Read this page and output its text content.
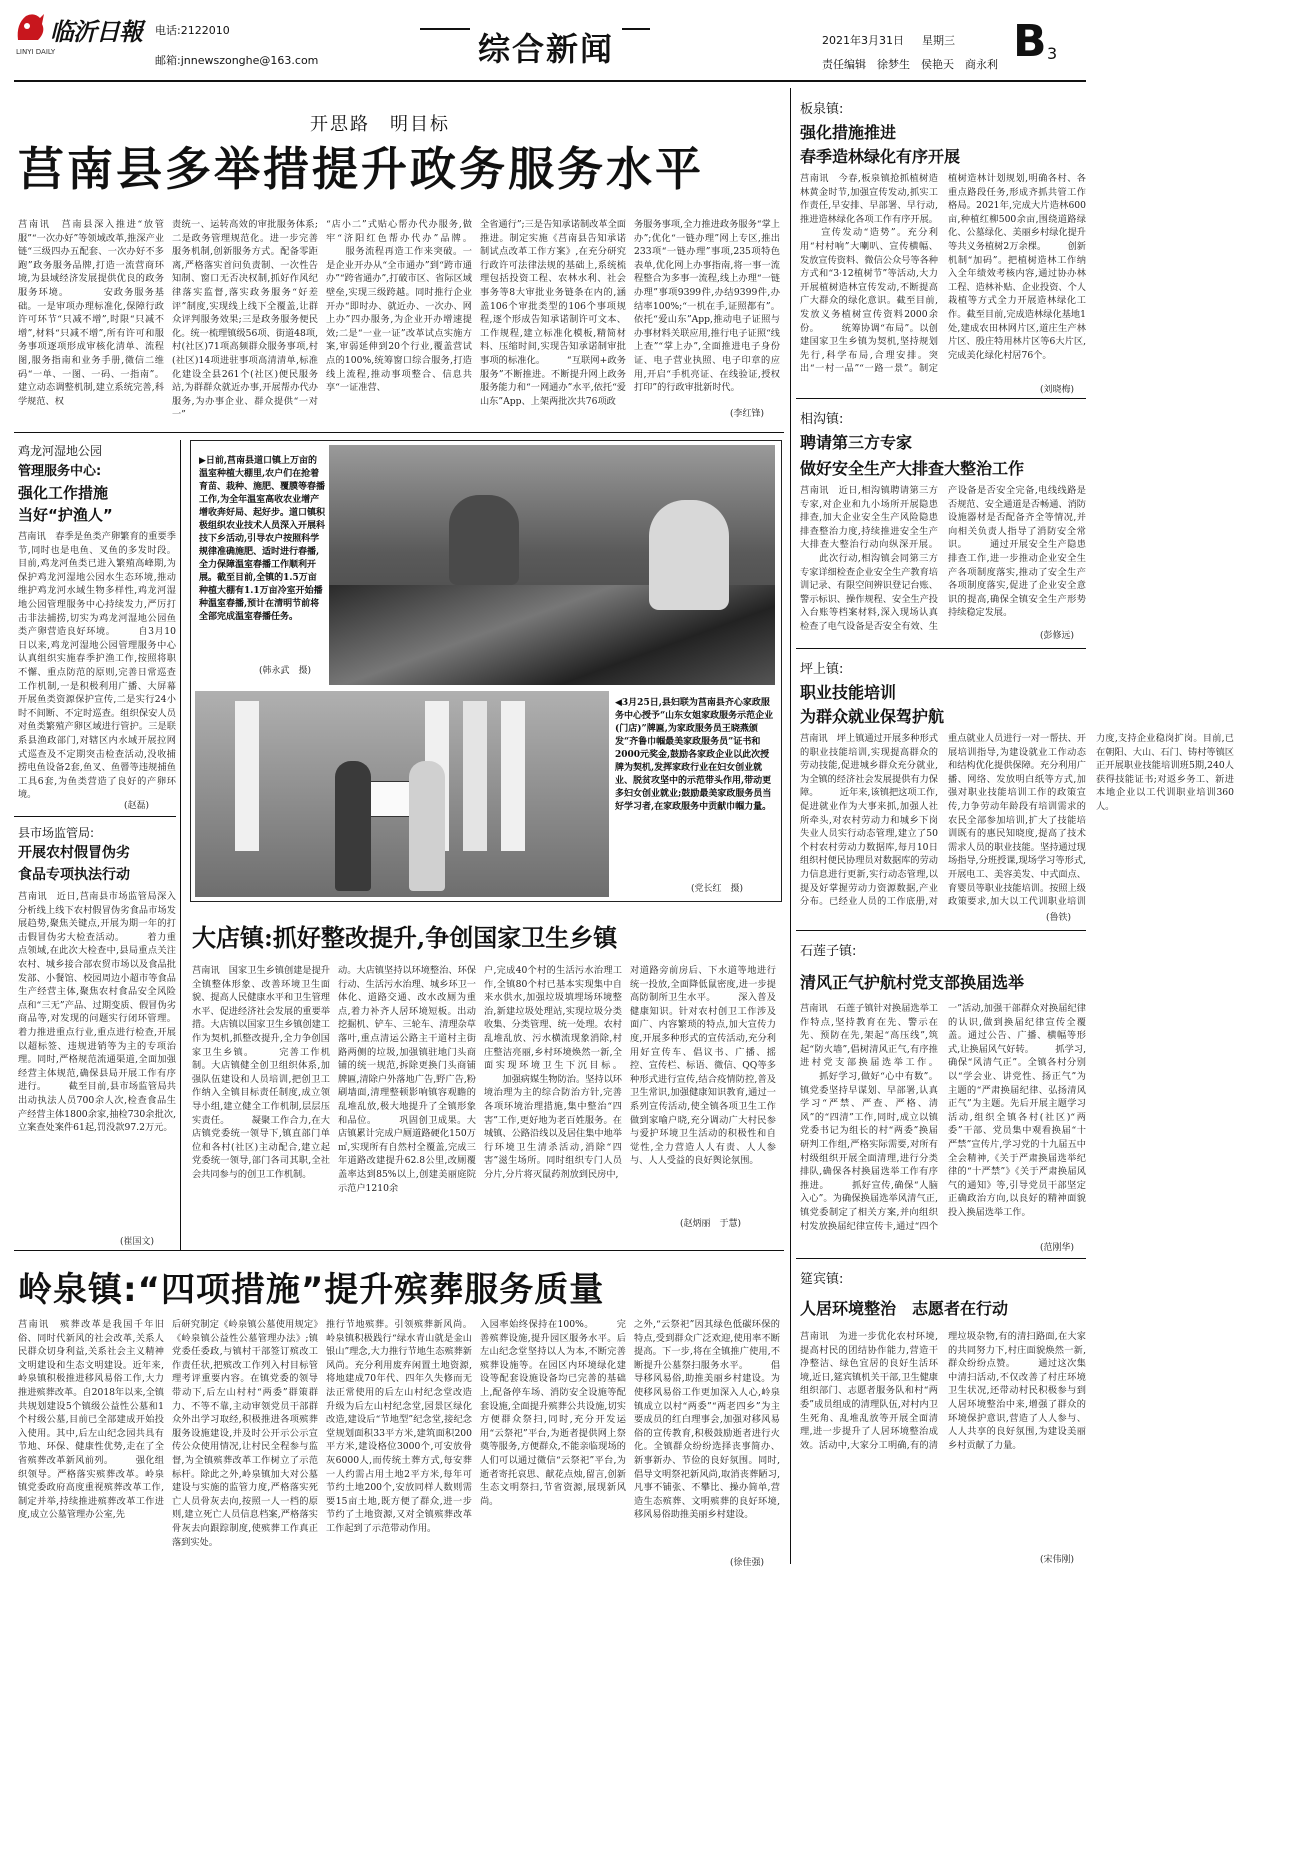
临沂日報
LINYI DAILY
电话:2122010
邮箱:jnnewszonghe@163.com	综合新闻	2021年3月31日 星期三
责任编辑　徐梦生　侯艳天　商永利 B 3
开思路　明目标
莒南县多举措提升政务服务水平
莒南讯　莒南县深入推进“放管服”“一次办好”等领域改革,推深产业链“三级四办五配套、一次办好不多跑”政务服务品牌,打造一流营商环境,为县域经济发展提供优良的政务服务环境。 　　　安政务服务基础。一是审项办理标准化,保障行政许可环节“只减不增”,时限“只减不增”,材料“只减不增”,所有许可和服务事项逐项形成审核化清单、流程图,服务指南和业务手册,微信二维码“一单、一图、一码、一指南”。建立动态调整机制,建立系统完善,科学规范、权
责统一、运转高效的审批服务体系;二是政务管理规范化。进一步完善服务机制,创新服务方式。配备零距离,严格落实首问负责制、一次性告知制、窗口无否决权制,抓好作风纪律落实监督,落实政务服务“好差评”制度,实现线上线下全覆盖,让群众评判服务效果;三是政务服务便民化。统一梳理镇级56项、街道48项,村(社区)71项高频群众服务事项,村(社区)14项进驻事项高清清单,标准化建设全县261个(社区)便民服务站,为群群众就近办事,开展帮办代办服务,为办事企业、群众提供“一对一”
“店小二”式贴心帮办代办服务,做牢“济阳红色帮办代办”品牌。 　　服务流程再造工作来突破。一是企业开办从“全市通办”到“跨市通办”“跨省通办”,打破市区、省际区域壁垒,实现三级跨越。同时推行企业开办“即时办、就近办、一次办、网上办”四办服务,为企业开办增速提效;二是“一业一证”改革试点实施方案,审弱延伸到20个行业,覆盖营试点的100%,统筹窗口综合服务,打造线上流程,推动事项整合、信息共享“一证准营、
全省通行”;三是告知承诺制改革全面推进。制定实施《莒南县告知承诺制试点改革工作方案》,在充分研究行政许可法律法规的基础上,系统梳理包括投资工程、农林水利、社会事务等8大审批业务链条在内的,涵盖106个审批类型的106个事项规程,逐个形成告知承诺制许可文本、工作规程,建立标准化模板,精简材料、压缩时间,实现告知承诺制审批事项的标准化。 　　“互联网+政务服务”不断推进。不断提升网上政务服务能力和“一网通办”水平,依托“爱山东”App、上架两批次共76项政
务服务事项,全力推进政务服务“掌上办”;优化“一链办理”网上专区,推出233项“一链办理”事项,235项特色表单,优化网上办事指南,将一事一流程整合为多事一流程,线上办理“一链办理”事项9399件,办结9399件,办结率100%;“一机在手,证照都有”。依托“爱山东”App,推动电子证照与办事材料关联应用,推行电子证照“线上查”“掌上办”,全面推进电子身份证、电子营业执照、电子印章的应用,开启“手机亮证、在线验证,授权打印”的行政审批新时代。
(李红锋)
鸡龙河湿地公园
管理服务中心:
强化工作措施
当好“护渔人”
莒南讯　春季是鱼类产卵繁育的重要季节,同时也是电鱼、叉鱼的多发时段。目前,鸡龙河鱼类已进入繁殖高峰期,为保护鸡龙河湿地公园水生态环境,推动维护鸡龙河水域生物多样性,鸡龙河湿地公园管理服务中心持续发力,严厉打击非法捕捞,切实为鸡龙河湿地公园鱼类产卵营造良好环境。 　　自3月10日以来,鸡龙河湿地公园管理服务中心认真组织实施春季护渔工作,按照将职不懈、重点防范的原则,完善日常巡查工作机制,一是积极利用广播、大屏幕开展鱼类资源保护宣传,二是实行24小时不间断、不定时巡查。组织保安人员对鱼类繁殖产卵区域进行管护。三是联系县渔政部门,对辖区内水域开展拉网式巡查及不定期突击检查活动,没收捕捞电鱼设备2套,鱼叉、鱼罾等违规捕鱼工具6套,为鱼类营造了良好的产卵环境。
(赵磊)
县市场监管局:
开展农村假冒伪劣
食品专项执法行动
莒南讯　近日,莒南县市场监管局深入分析线上线下农村假冒伪劣食品市场发展趋势,聚焦关键点,开展为期一年的打击假冒伪劣大检查活动。 　　着力重点领域,在此次大检查中,县局重点关注农村、城乡接合部农贸市场以及食品批发部、小餐馆、校园周边小超市等食品生产经营主体,聚焦农村食品安全风险点和“三无”产品、过期变质、假冒伪劣商品等,对发现的问题实行闭环管理。着力推进重点行业,重点进行检查,开展以超标签、违规进销等为主的专项治理。同时,严格规范流通渠道,全面加强经营主体规范,确保县局开展工作有序进行。 　　截至目前,县市场监管局共出动执法人员700余人次,检查食品生产经营主体1800余家,抽检730余批次,立案查处案件61起,罚没款97.2万元。
(崔国文)
▶日前,莒南县道口镇上万亩的温室种植大棚里,农户们在抢着育苗、栽种、施肥、覆膜等春播工作,为全年温室高收农业增产增收奔好局、起好步。道口镇积极组织农业技术人员深入开展科技下乡活动,引导农户按照科学规律准确施肥、适时进行春播,全力保障温室春播工作顺利开展。截至目前,全镇的1.5万亩种植大棚有1.1万亩冷室开始播种温室春播,预计在清明节前将全部完成温室春播任务。
(韩永武　摄)
◀3月25日,县妇联为莒南县齐心家政服务中心授予“山东女姐家政服务示范企业(门店)”牌匾,为家政服务员王晓燕颁发“齐鲁巾帼最美家政服务员”证书和2000元奖金,鼓励各家政企业以此次授牌为契机,发挥家政行业在妇女创业就业、脱贫攻坚中的示范带头作用,带动更多妇女创业就业;鼓励最美家政服务员当好学习者,在家政服务中贡献巾帼力量。
(党长红　摄)
大店镇:抓好整改提升,争创国家卫生乡镇
莒南讯　国家卫生乡镇创建是提升全镇整体形象、改善环境卫生面貌、提高人民健康水平和卫生管理水平、促进经济社会发展的重要举措。大店镇以国家卫生乡镇创建工作为契机,抓整改提升,全力争创国家卫生乡镇。 　　完善工作机制。大店镇健全创卫组织体系,加强队伍建设和人员培训,把创卫工作纳入全镇目标责任制度,成立领导小组,建立健全工作机制,层层压实责任。 　　凝聚工作合力,在大店镇党委统一领导下,镇直部门单位和各村(社区)主动配合,建立起党委统一领导,部门各司其职,全社会共同参与的创卫工作机制。
动。大店镇坚持以环境整治、环保行动、生活污水治理、城乡环卫一体化、道路交通、改水改厕为重点,着力补齐人居环境短板。出动挖掘机、铲车、三轮车、清理杂草落叶,重点清运公路主干道村主街路两侧的垃圾,加强镇驻地门头商铺的统一规范,拆除更换门头商铺牌匾,清除户外落地广告,野广告,粉刷墙面,清理整顿影响镇容观瞻的乱堆乱放,极大地提升了全镇形象和品位。 　　巩固创卫成果。大店镇累计完成户厕道路硬化150万㎡,实现所有自然村全覆盖,完成三年道路改建提升62.8公里,改厕覆盖率达到85%以上,创建美丽庭院示范户1210余
户,完成40个村的生活污水治理工作,全镇80个村已基本实现集中自来水供水,加强垃圾填埋场环境整治,新建垃圾处理站,实现垃圾分类收集、分类管理、统一处理。农村乱堆乱放、污水横流现象消除,村庄整洁亮丽,乡村环境焕然一新,全面实现环境卫生下沉目标。 　　加强病媒生物防治。坚持以环境治理为主的综合防治方针,完善各项环境治理措施,集中整治“四害”工作,更好地为老百姓服务。在城镇、公路沿线以及居住集中地举行环境卫生清杀活动,消除“四害”滋生场所。同时组织专门人员分片,分片将灭鼠药剂放到民房中,
对道路旁前房后、下水道等地进行统一投放,全面降低鼠密度,进一步提高防制所卫生水平。 　　深入普及健康知识。针对农村创卫工作涉及面广、内容繁琐的特点,加大宣传力度,开展多种形式的宣传活动,充分利用好宣传车、倡议书、广播、摇控、宣传栏、标语、微信、QQ等多种形式进行宣传,结合疫情防控,普及卫生常识,加强健康知识教育,通过一系列宣传活动,使全镇各项卫生工作做到家喻户晓,充分调动广大村民参与爱护环境卫生活动的积极性和自觉性,全力营造人人有责、人人参与、人人受益的良好舆论氛围。
(赵炳丽　于慧)
岭泉镇:“四项措施”提升殡葬服务质量
莒南讯　殡葬改革是我国千年旧俗、同时代新风的社会改革,关系人民群众切身利益,关系社会主义精神文明建设和生态文明建设。近年来,岭泉镇积极推进移风易俗工作,大力推进殡葬改革。自2018年以来,全镇共规划建设5个镇级公益性公墓和1个村级公墓,目前已全部建成开始投入使用。其中,后左山纪念园共具有节地、环保、健康性优势,走在了全省殡葬改革新风前列。 　　强化组织领导。严格落实殡葬改革。岭泉镇党委政府高度重视殡葬改革工作,制定并举,持续推进殡葬改革工作进度,成立公墓管理办公室,先
后研究制定《岭泉镇公墓使用规定》《岭泉镇公益性公墓管理办法》;镇党委任委政,与镇村干部签订殡改工作责任状,把殡改工作列入村目标管理考评重要内容。在镇党委的领导带动下,后左山村村“两委”群策群力、不等不靠,主动审领党员干部群众外出学习取经,积极推进各项殡葬服务设施建设,并及时公开示公示宣传公众使用情况,让村民全程参与监督,为全镇殡葬改革工作树立了示范标杆。除此之外,岭泉镇加大对公墓建设与实施的监管力度,严格落实死亡人员骨灰去向,按照一人一档的原则,建立死亡人员信息档案,严格落实骨灰去向跟踪制度,使殡葬工作真正落到实处。
推行节地殡葬。引领殡葬新风尚。岭泉镇积极践行“绿水青山就是金山银山”理念,大力推行节地生态殡葬新风尚。充分利用废弃闲置土地资源,将地建成70年代、四年久失修而无法正常使用的后左山村纪念堂改造升级为后左山村纪念堂,园景区绿化改造,建设后“节地型”纪念堂,接纪念堂规划面积33平方米,建筑面积200平方米,建设格位3000个,可安放骨灰6000人,而传统土葬方式,每安葬一人约需占用土地2平方米,每年可节约土地200个,安放同样人数则需要15亩土地,既方便了群众,进一步节约了土地资源,又对全镇殡葬改革工作起到了示范带动作用。
入园率始终保持在100%。 　　完善殡葬设施,提升园区服务水平。后左山纪念堂坚持以人为本,不断完善殡葬设施等。在园区内环境绿化建设等配套设施设备均已完善的基础上,配备停车场、消防安全设施等配套设施,全面提升殡葬公共设施,切实方便群众祭扫,同时,充分开发运用“云祭祀”平台,为逝者提供网上祭奠等服务,方便群众,不能亲临现场的人们可以通过微信“云祭祀”平台,为逝者寄托哀思、献花点烛,留言,创新生态文明祭扫,节省资源,展现新风尚。
之外,“云祭祀”因其绿色低碳环保的特点,受到群众广泛欢迎,使用率不断提高。下一步,将在全镇推广使用,不断提升公墓祭扫服务水平。 　　倡导移风易俗,助推美丽乡村建设。为使移风易俗工作更加深入人心,岭泉镇成立以村“两委”“两老四乡”为主要成员的红白理事会,加强对移风易俗的宣传教育,积极鼓励逝者进行火化。全镇群众纷纷选择丧事简办、新事新办、节俭的良好氛围。同时,倡导文明祭祀新风尚,取消丧葬陋习,凡事不铺张、不攀比、操办简单,营造生态殡葬、文明殡葬的良好环境,移风易俗助推美丽乡村建设。
(徐佳强)
板泉镇:
强化措施推进
春季造林绿化有序开展
莒南讯　今春,板泉镇抢抓植树造林黄金时节,加强宣传发动,抓实工作责任,早安排、早部署、早行动,推进造林绿化各项工作有序开展。 　　宣传发动“造势”。充分利用“村村响”大喇叭、宣传横幅、发放宣传资料、微信公众号等各种方式和“3·12植树节”等活动,大力开展植树造林宣传发动,不断提高广大群众的绿化意识。截至目前,发放义务植树宣传资料2000余份。 　　统筹协调“布局”。以创建国家卫生乡镇为契机,坚持规划先行,科学布局,合理安排。突出“一村一品”“一路一景”。制定植树造林计划规划,明确各村、各重点路段任务,形成齐抓共管工作格局。2021年,完成大片造林600亩,种植红柳500余亩,围绕道路绿化、公墓绿化、美丽乡村绿化提升等共义务植树2万余棵。 　　创新机制“加码”。把植树造林工作纳入全年绩效考核内容,通过协办林工程、造林补贴、企业投资、个人栽植等方式全力开展造林绿化工作。截至目前,完成造林绿化基地1处,建成农田林网片区,道庄生产林片区、殷庄特用林片区等6大片区,完成美化绿化村居76个。
(刘晓梅)
相沟镇:
聘请第三方专家
做好安全生产大排查大整治工作
莒南讯　近日,相沟镇聘请第三方专家,对企业和九小场所开展隐患排查,加大企业安全生产风险隐患排查整治力度,持续推进安全生产大排查大整治行动向纵深开展。 　　此次行动,相沟镇会同第三方专家详细检查企业安全生产教育培训记录、有限空间辨识登记台账、警示标识、操作规程、安全生产投入台账等档案材料,深入现场认真检查了电气设备是否安全有效、生产设备是否安全完备,电线线路是否规范、安全通道是否畅通、消防设施器材是否配备齐全等情况,并向相关负责人指导了消防安全常识。 　　通过开展安全生产隐患排查工作,进一步推动企业安全生产各项制度落实,推动了安全生产各项制度落实,促进了企业安全意识的提高,确保全镇安全生产形势持续稳定发展。
(彭修远)
坪上镇:
职业技能培训
为群众就业保驾护航
莒南讯　坪上镇通过开展多种形式的职业技能培训,实现提高群众的劳动技能,促进城乡群众充分就业,为全镇的经济社会发展提供有力保障。 　　近年来,该镇把这项工作,促进就业作为大事来抓,加强人社所牵头,对农村劳动力和城乡下岗失业人员实行动态管理,建立了50个村农村劳动力数据库,每月10日组织村便民协理员对数据库的劳动力信息进行更新,实行动态管理,以提及好掌握劳动力资源数据,产业分布。已经业人员的工作底册,对重点就业人员进行一对一帮扶、开展培训指导,为建设就业工作动态和结构优化提供保障。充分利用广播、网络、发放明白纸等方式,加强对职业技能培训工作的政策宣传,力争劳动年龄段有培训需求的农民全部参加培训,扩大了技能培训既有的惠民知晓度,提高了技术需求人员的职业技能。坚持通过现场指导,分班授课,现场学习等形式,开展电工、美容美发、中式面点、育婴员等职业技能培训。按照上级政策要求,加大以工代训职业培训力度,支持企业稳岗扩岗。目前,已在朝阳、大山、石门、铸村等镇区正开展职业技能培训班5期,240人获得技能证书;对返乡务工、新进本地企业以工代训职业培训360人。
(鲁铁)
石莲子镇:
清风正气护航村党支部换届选举
莒南讯　石莲子镇针对换届选举工作特点,坚持教育在先、警示在先、预防在先,架起“高压线”,筑起“防火墙”,倡树清风正气,有序推进村党支部换届选举工作。 　　抓好学习,做好“心中有数”。镇党委坚持早谋划、早部署,认真学习“严禁、严查、严格、清风”的“四清”工作,同时,成立以镇党委书记为组长的村“两委”换届研判工作组,严格实际需要,对所有村级组织开展全面清理,进行分类排队,确保各村换届选举工作有序推进。 　　抓好宣传,确保“人脑入心”。为确保换届选举风清气正,镇党委制定了相关方案,并向组织村发放换届纪律宣传卡,通过“四个一”活动,加强干部群众对换届纪律的认识,做到换届纪律宣传全覆盖。通过公告、广播、横幅等形式,让换届风气好转。 　　抓学习,确保“风清气正”。全镇各村分别以“学会业、讲党性、扬正气”为主题的“严肃换届纪律、弘扬清风正气”为主题。先后开展主题学习活动,组织全镇各村(社区)“两委”干部、党员集中观看换届“十严禁”宣传片,学习党的十九届五中全会精神,《关于严肃换届选举纪律的“十严禁”》《关于严肃换届风气的通知》等,引导党员干部坚定正确政治方向,以良好的精神面貌投入换届选举工作。
(范刚华)
筵宾镇:
人居环境整治　志愿者在行动
莒南讯　为进一步优化农村环境,提高村民的团结协作能力,营造干净整洁、绿色宜居的良好生活环境,近日,筵宾镇机关干部,卫生健康组织部门、志愿者服务队和村“两委”成员组成的清理队伍,对村内卫生死角、乱堆乱放等开展全面清理,进一步提升了人居环境整治成效。活动中,大家分工明确,有的清理垃圾杂物,有的清扫路面,在大家的共同努力下,村庄面貌焕然一新,群众纷纷点赞。 　　通过这次集中清扫活动,不仅改善了村庄环境卫生状况,还带动村民积极参与到人居环境整治中来,增强了群众的环境保护意识,营造了人人参与、人人共享的良好氛围,为建设美丽乡村贡献了力量。
(宋伟刚)
